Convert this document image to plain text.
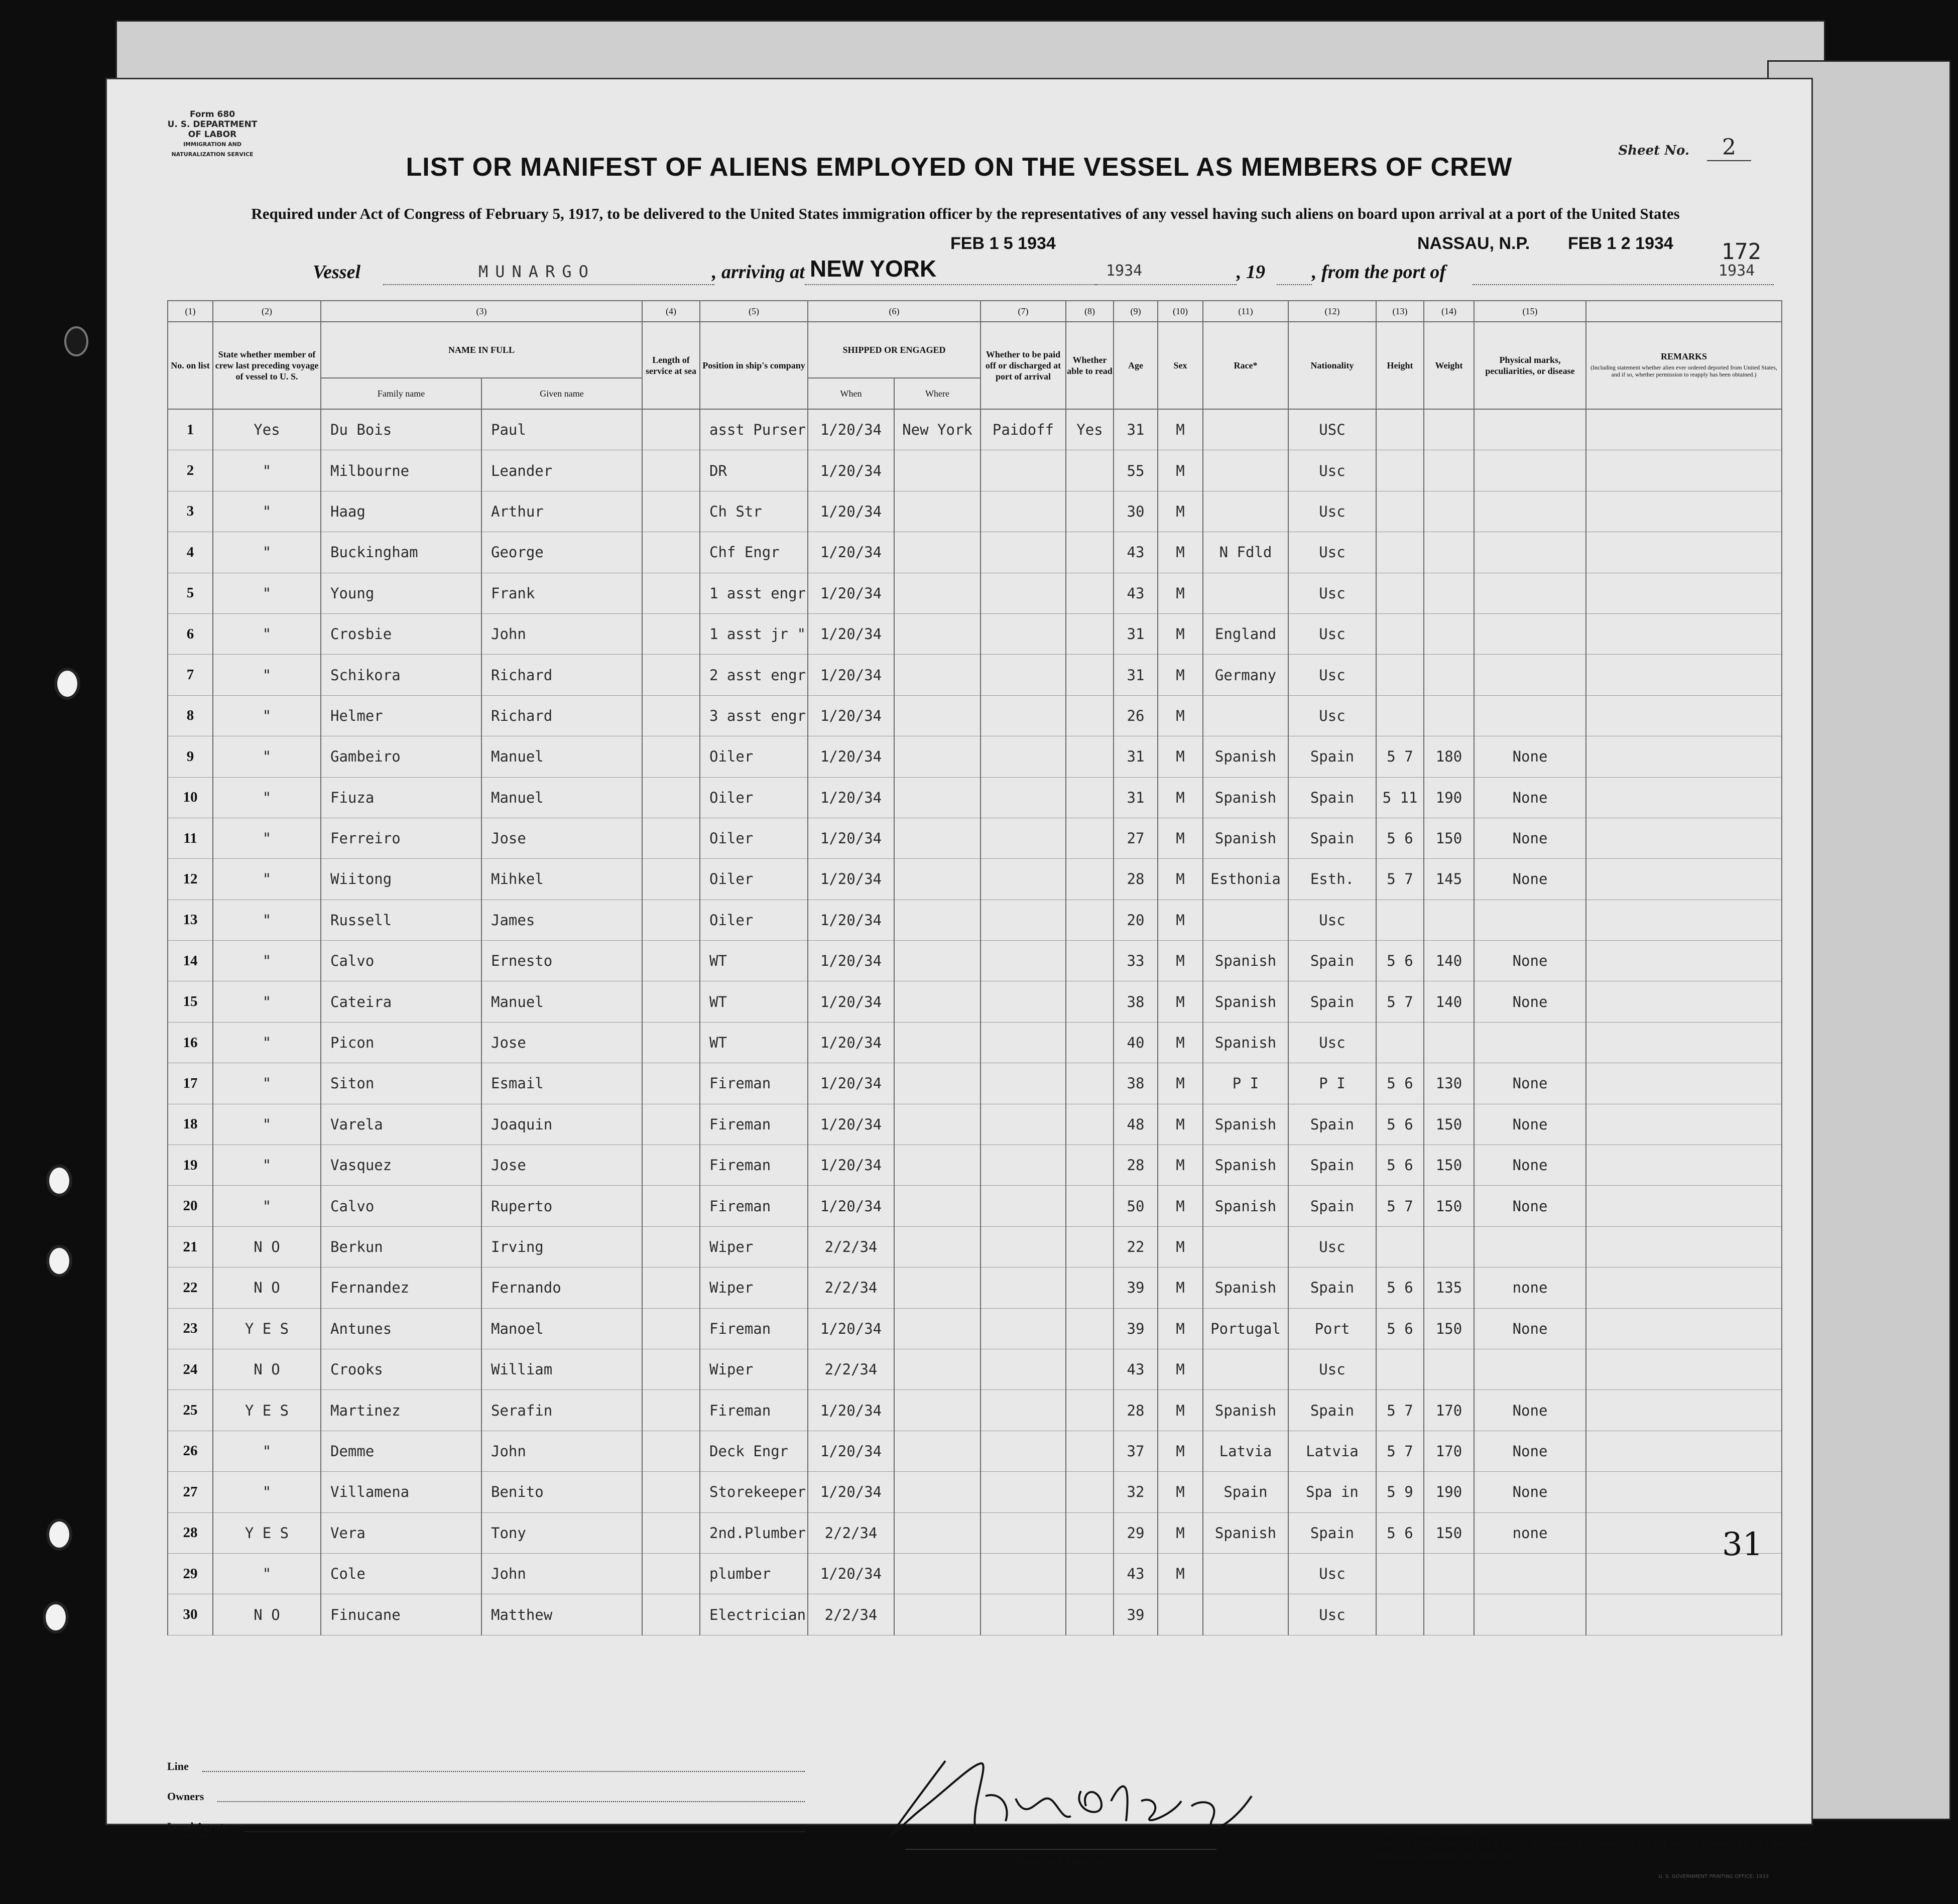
Form 680
U. S. DEPARTMENT OF LABOR
IMMIGRATION AND NATURALIZATION SERVICE	Sheet No. 2
LIST OR MANIFEST OF ALIENS EMPLOYED ON THE VESSEL AS MEMBERS OF CREW
Required under Act of Congress of February 5, 1917, to be delivered to the United States immigration officer by the representatives of any vessel having such aliens on board upon arrival at a port of the United States
172
Vessel	MUNARGO	, arriving at NEW YORK
FEB 1 5 1934
1934	, 19 , from the port of
NASSAU, N.P. FEB 1 2 1934
1934
(1)	(2)	(3)		(4)	(5)	(6)		(7)	(8)	(9)	(10)	(11)	(12)	(13)	(14)	(15)	
No. on list	State whether member of crew last preceding voyage of vessel to U. S.	NAME IN FULL		Length of service at sea	Position in ship's company	SHIPPED OR ENGAGED		Whether to be paid off or discharged at port of arrival	Whether able to read	Age	Sex	Race*	Nationality	Height	Weight	Physical marks, peculiarities, or disease	REMARKS
(Including statement whether alien ever ordered deported from United States, and if so, whether permission to reapply has been obtained.)

		Family name	Given name			When	Where										
1	Yes	Du Bois	Paul		asst Purser	1/20/34	New York	Paidoff	Yes	31	M		USC				
2	"	Milbourne	Leander		DR	1/20/34				55	M		Usc				
3	"	Haag	Arthur		Ch Str	1/20/34				30	M		Usc				
4	"	Buckingham	George		Chf Engr	1/20/34				43	M	N Fdld	Usc				
5	"	Young	Frank		1 asst engr	1/20/34				43	M		Usc				
6	"	Crosbie	John		1 asst jr "	1/20/34				31	M	England	Usc				
7	"	Schikora	Richard		2 asst engr	1/20/34				31	M	Germany	Usc				
8	"	Helmer	Richard		3 asst engr	1/20/34				26	M		Usc				
9	"	Gambeiro	Manuel		Oiler	1/20/34				31	M	Spanish	Spain	5 7	180	None	
10	"	Fiuza	Manuel		Oiler	1/20/34				31	M	Spanish	Spain	5 11	190	None	
11	"	Ferreiro	Jose		Oiler	1/20/34				27	M	Spanish	Spain	5 6	150	None	
12	"	Wiitong	Mihkel		Oiler	1/20/34				28	M	Esthonia	Esth.	5 7	145	None	
13	"	Russell	James		Oiler	1/20/34				20	M		Usc				
14	"	Calvo	Ernesto		WT	1/20/34				33	M	Spanish	Spain	5 6	140	None	
15	"	Cateira	Manuel		WT	1/20/34				38	M	Spanish	Spain	5 7	140	None	
16	"	Picon	Jose		WT	1/20/34				40	M	Spanish	Usc				
17	"	Siton	Esmail		Fireman	1/20/34				38	M	P I	P I	5 6	130	None	
18	"	Varela	Joaquin		Fireman	1/20/34				48	M	Spanish	Spain	5 6	150	None	
19	"	Vasquez	Jose		Fireman	1/20/34				28	M	Spanish	Spain	5 6	150	None	
20	"	Calvo	Ruperto		Fireman	1/20/34				50	M	Spanish	Spain	5 7	150	None	
21	N O	Berkun	Irving		Wiper	2/2/34				22	M		Usc				
22	N O	Fernandez	Fernando		Wiper	2/2/34				39	M	Spanish	Spain	5 6	135	none	
23	Y E S	Antunes	Manoel		Fireman	1/20/34				39	M	Portugal	Port	5 6	150	None	
24	N O	Crooks	William		Wiper	2/2/34				43	M		Usc				
25	Y E S	Martinez	Serafin		Fireman	1/20/34				28	M	Spanish	Spain	5 7	170	None	
26	"	Demme	John		Deck Engr	1/20/34				37	M	Latvia	Latvia	5 7	170	None	
27	"	Villamena	Benito		Storekeeper	1/20/34				32	M	Spain	Spa in	5 9	190	None	
28	Y E S	Vera	Tony		2nd.Plumber	2/2/34				29	M	Spanish	Spain	5 6	150	none	
29	"	Cole	John		plumber	1/20/34				43	M		Usc				
30	N O	Finucane	Matthew		Electrician	2/2/34				39			Usc				
Line
Owners
Local Agents
14—1240
Immigrant Inspector.
*See list of races on back hereof.
Note.—Failure to furnish full or correct information in columns (3), (6), (7), and (8) is punishable by a fine of ten dollars for each alien. See other side.
U. S. GOVERNMENT PRINTING OFFICE: 1933
31
